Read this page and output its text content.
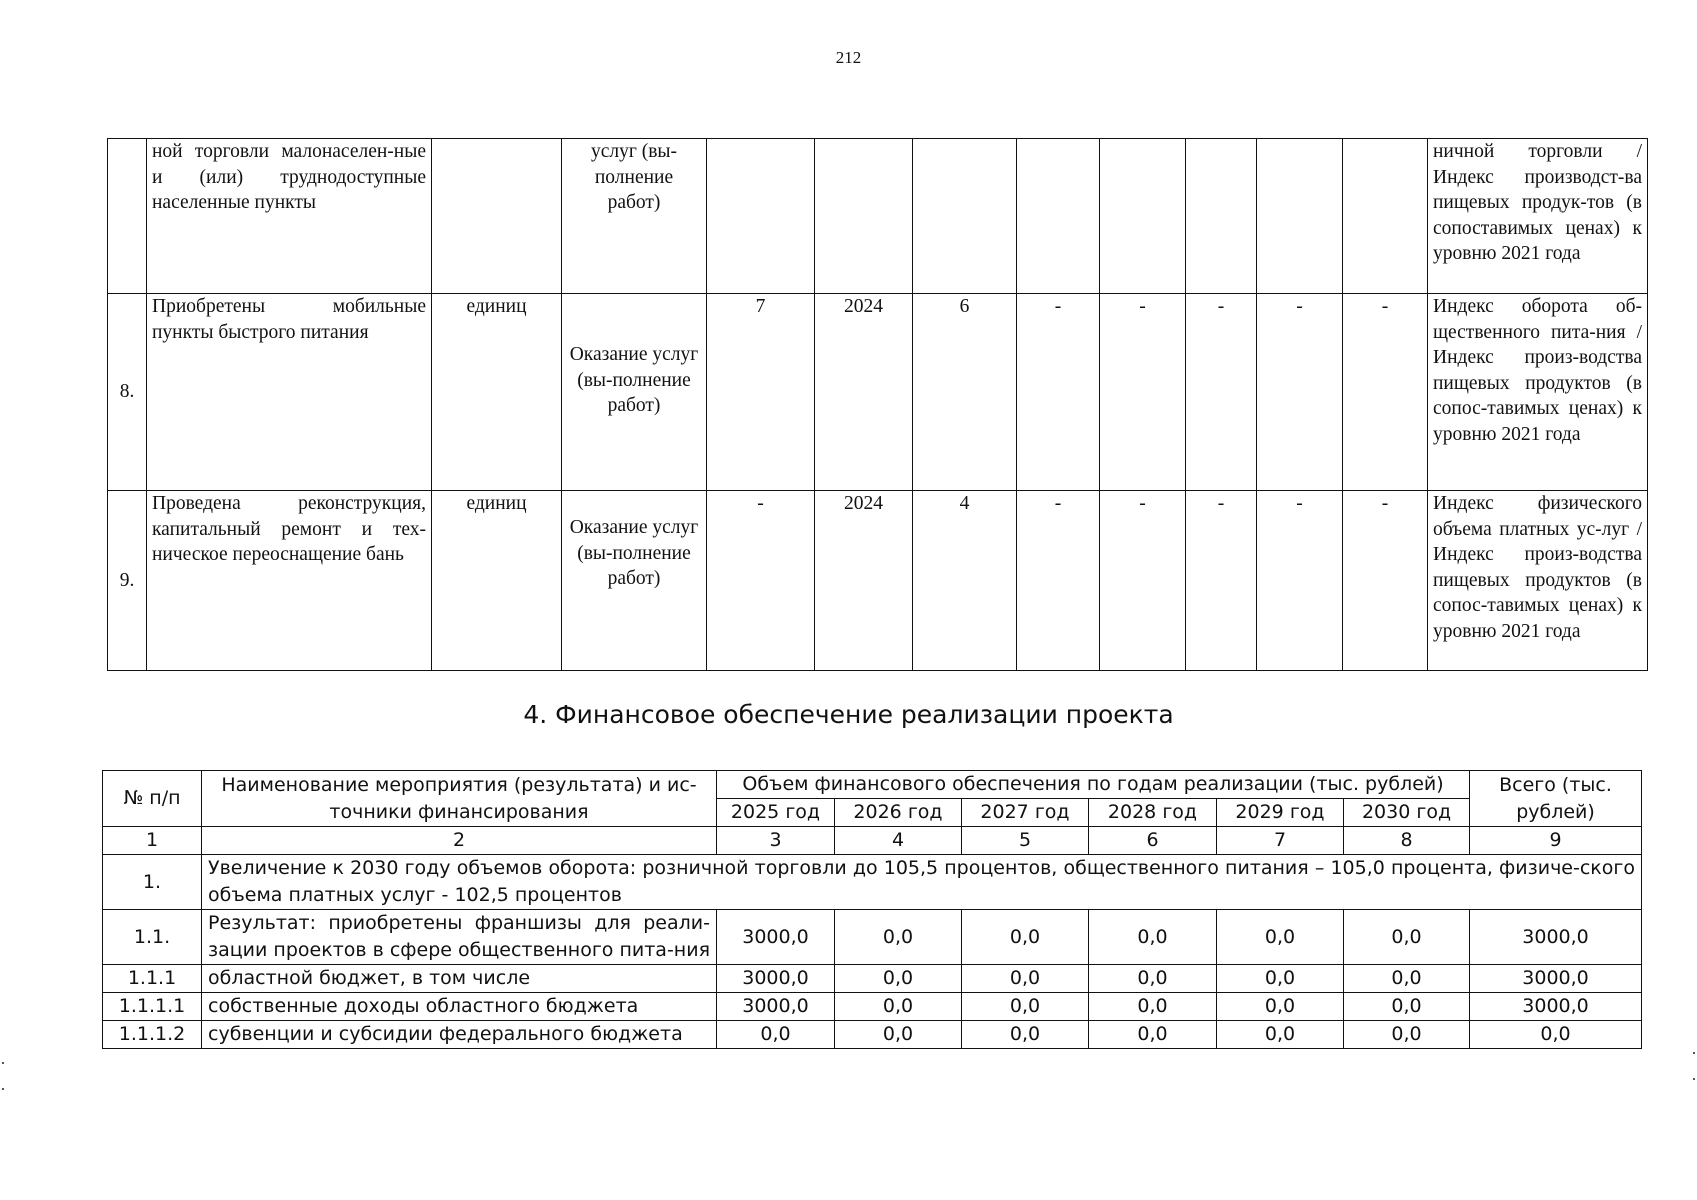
212
	ной торговли малонаселен-ные и (или) труднодоступные населенные пункты		услуг (вы-полнение работ)									ничной торговли /Индекс производст-ва пищевых продук-тов (в сопоставимых ценах) к уровню 2021 года
8.	Приобретены мобильные пункты быстрого питания	единиц	Оказание услуг (вы-полнение работ)	7	2024	6	-	-	-	-	-	Индекс оборота об-щественного пита-ния /Индекс произ-водства пищевых продуктов (в сопос-тавимых ценах) к уровню 2021 года
9.	Проведена реконструкция, капитальный ремонт и тех-ническое переоснащение бань	единиц	Оказание услуг (вы-полнение работ)	-	2024	4	-	-	-	-	-	Индекс физического объема платных ус-луг /Индекс произ-водства пищевых продуктов (в сопос-тавимых ценах) к уровню 2021 года
4. Финансовое обеспечение реализации проекта
№ п/п	Наименование мероприятия (результата) и ис-точники финансирования	Объем финансового обеспечения по годам реализации (тыс. рублей)						Всего (тыс. рублей)
		2025 год	2026 год	2027 год	2028 год	2029 год	2030 год	
1	2	3	4	5	6	7	8	9
1.	Увеличение к 2030 году объемов оборота: розничной торговли до 105,5 процентов, общественного питания – 105,0 процента, физиче-ского объема платных услуг - 102,5 процентов							
1.1.	Результат: приобретены франшизы для реали-зации проектов в сфере общественного пита-ния	3000,0	0,0	0,0	0,0	0,0	0,0	3000,0
1.1.1	областной бюджет, в том числе	3000,0	0,0	0,0	0,0	0,0	0,0	3000,0
1.1.1.1	собственные доходы областного бюджета	3000,0	0,0	0,0	0,0	0,0	0,0	3000,0
1.1.1.2	субвенции и субсидии федерального бюджета	0,0	0,0	0,0	0,0	0,0	0,0	0,0
